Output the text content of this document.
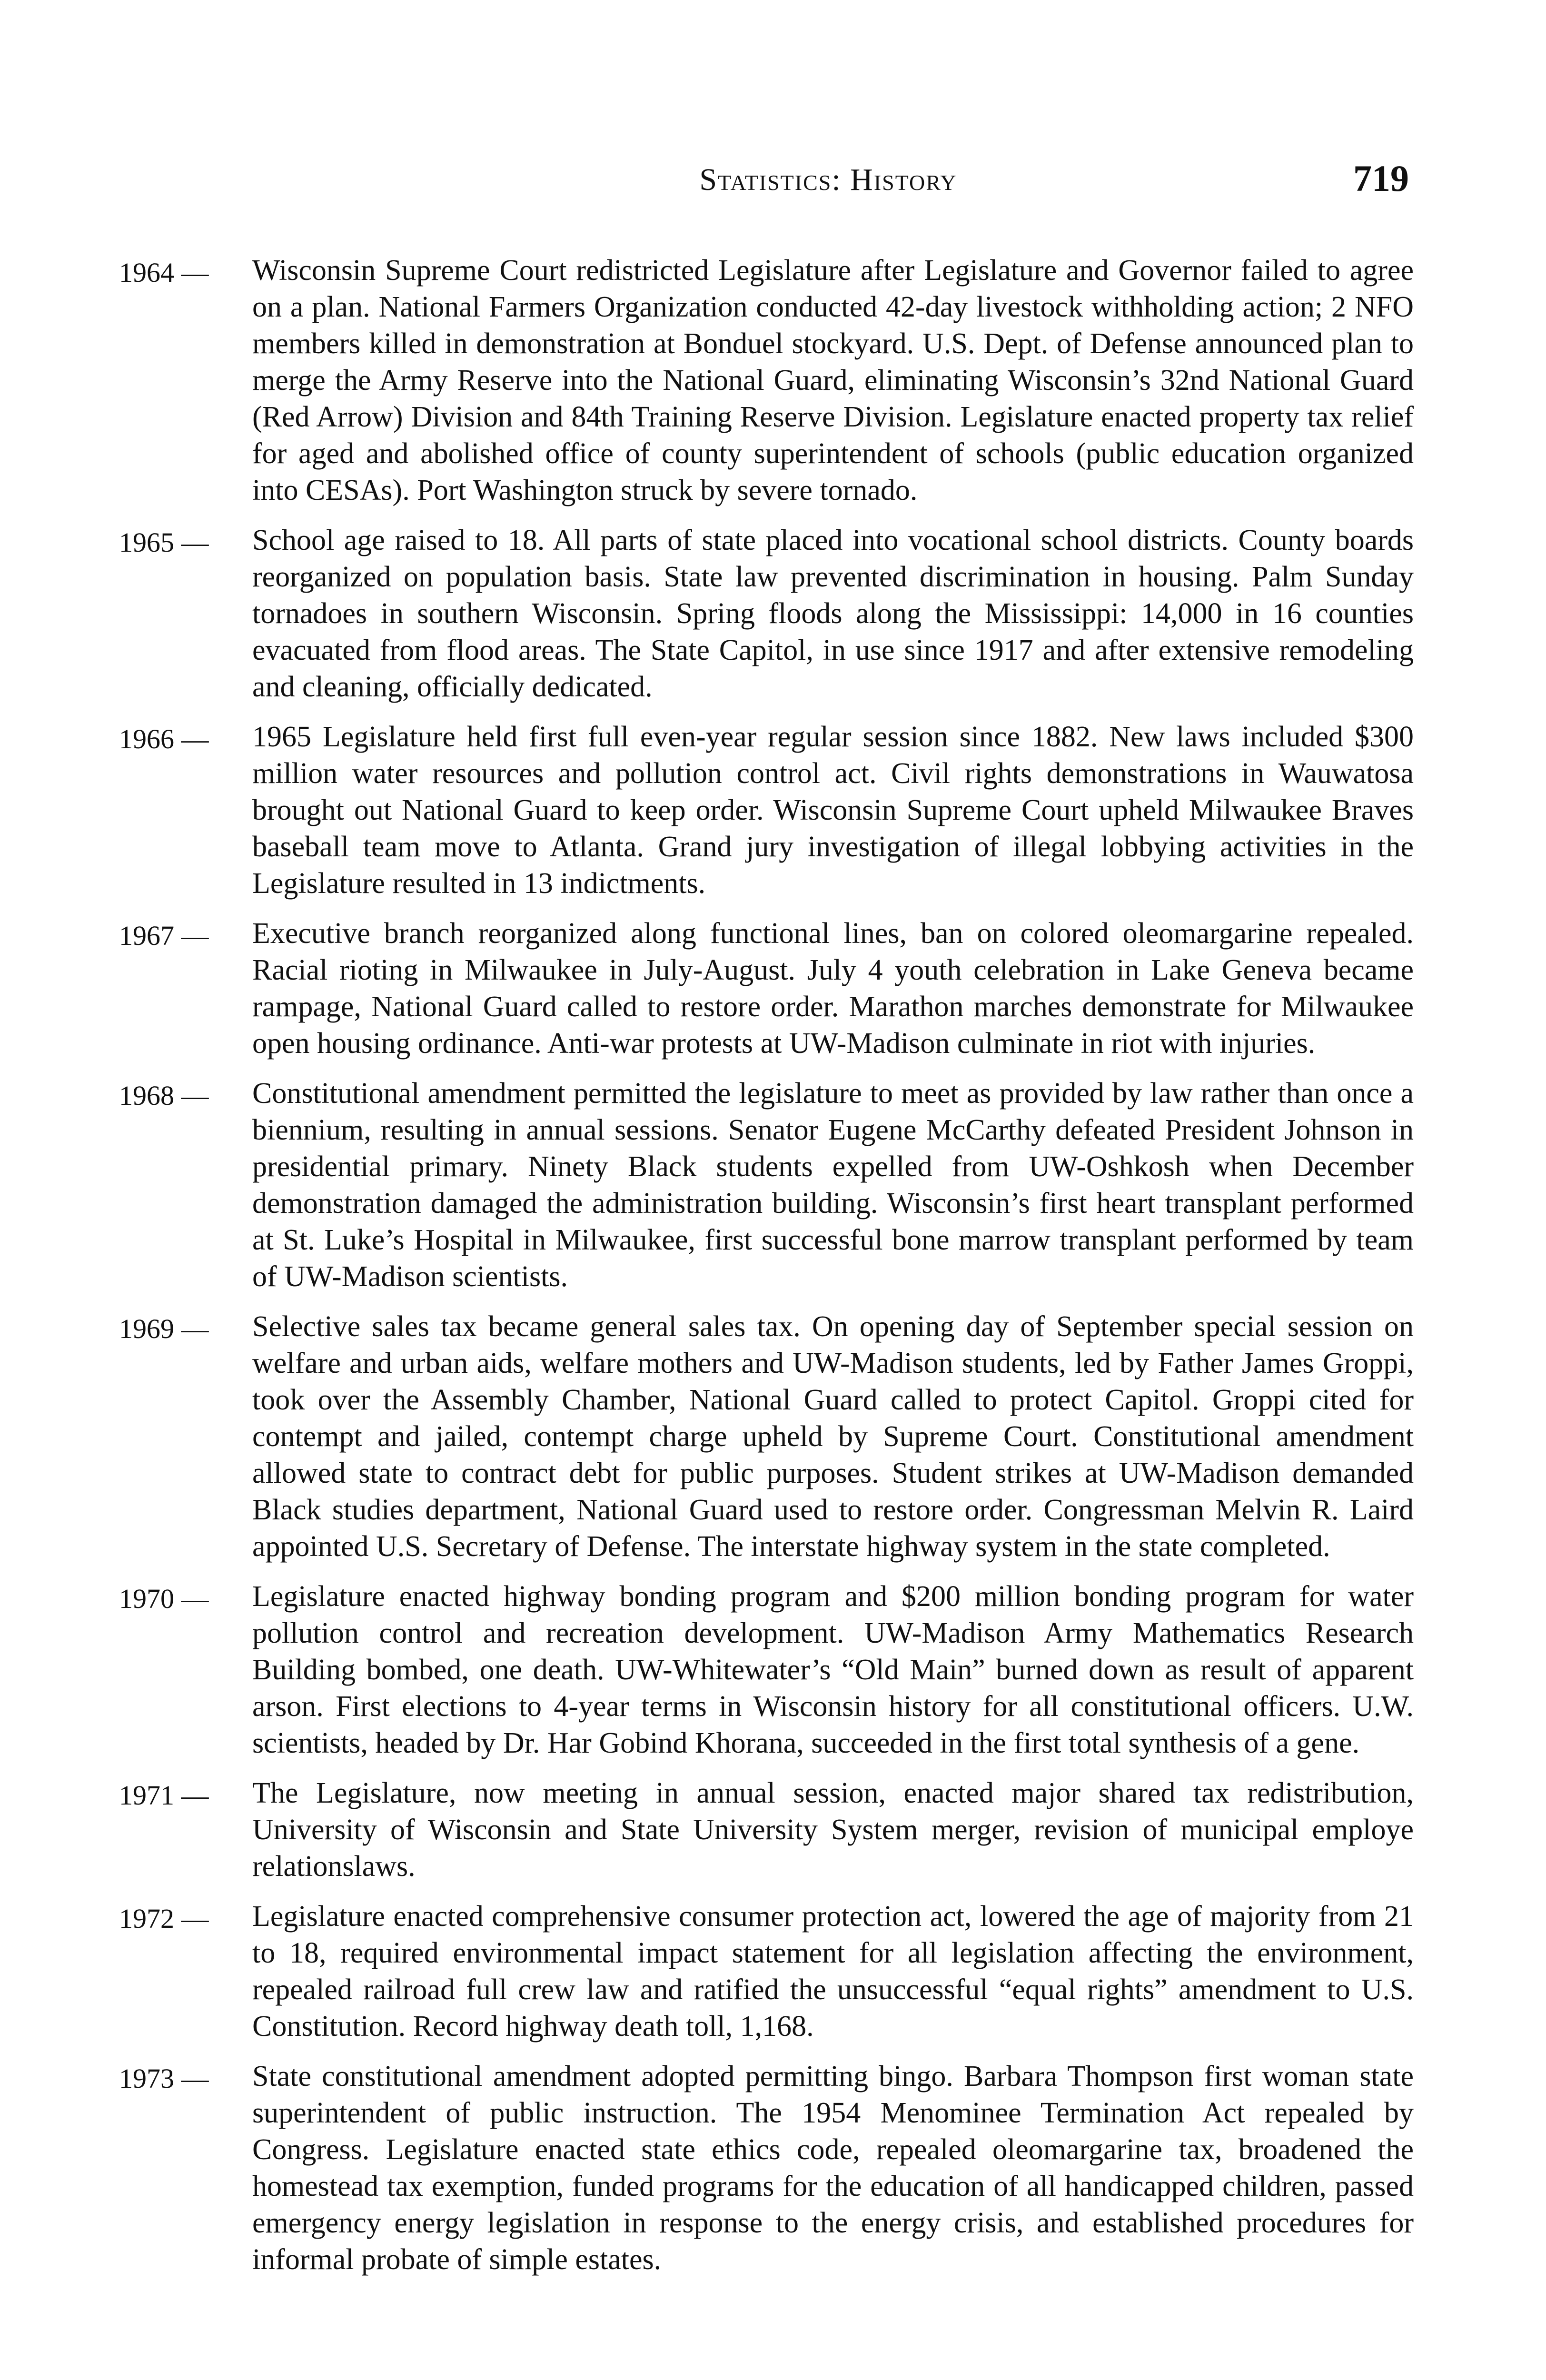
Statistics: History	719
1964 — Wisconsin Supreme Court redistricted Legislature after Legislature and Governor failed to agree on a plan. National Farmers Organization conducted 42-day livestock withholding action; 2 NFO members killed in demonstration at Bonduel stockyard. U.S. Dept. of Defense announced plan to merge the Army Reserve into the National Guard, eliminating Wisconsin’s 32nd National Guard (Red Arrow) Division and 84th Training Reserve Division. Legislature enacted property tax relief for aged and abolished office of county superintendent of schools (public education organized into CESAs). Port Washington struck by severe tornado.
1965 — School age raised to 18. All parts of state placed into vocational school districts. County boards reorganized on population basis. State law prevented discrimination in housing. Palm Sunday tornadoes in southern Wisconsin. Spring floods along the Mississippi: 14,000 in 16 counties evacuated from flood areas. The State Capitol, in use since 1917 and after extensive remodeling and cleaning, officially dedicated.
1966 — 1965 Legislature held first full even-year regular session since 1882. New laws included $300 million water resources and pollution control act. Civil rights demonstrations in Wauwatosa brought out National Guard to keep order. Wisconsin Supreme Court upheld Milwaukee Braves baseball team move to Atlanta. Grand jury investigation of illegal lobbying activities in the Legislature resulted in 13 indictments.
1967 — Executive branch reorganized along functional lines, ban on colored oleomargarine repealed. Racial rioting in Milwaukee in July-August. July 4 youth celebration in Lake Geneva became rampage, National Guard called to restore order. Marathon marches demonstrate for Milwaukee open housing ordinance. Anti-war protests at UW-Madison culminate in riot with injuries.
1968 — Constitutional amendment permitted the legislature to meet as provided by law rather than once a biennium, resulting in annual sessions. Senator Eugene McCarthy defeated President Johnson in presidential primary. Ninety Black students expelled from UW-Oshkosh when December demonstration damaged the administration building. Wisconsin’s first heart transplant performed at St. Luke’s Hospital in Milwaukee, first successful bone marrow transplant performed by team of UW-Madison scientists.
1969 — Selective sales tax became general sales tax. On opening day of September special session on welfare and urban aids, welfare mothers and UW-Madison students, led by Father James Groppi, took over the Assembly Chamber, National Guard called to protect Capitol. Groppi cited for contempt and jailed, contempt charge upheld by Supreme Court. Constitutional amendment allowed state to contract debt for public purposes. Student strikes at UW-Madison demanded Black studies department, National Guard used to restore order. Congressman Melvin R. Laird appointed U.S. Secretary of Defense. The interstate highway system in the state completed.
1970 — Legislature enacted highway bonding program and $200 million bonding program for water pollution control and recreation development. UW-Madison Army Mathematics Research Building bombed, one death. UW-Whitewater’s “Old Main” burned down as result of apparent arson. First elections to 4-year terms in Wisconsin history for all constitutional officers. U.W. scientists, headed by Dr. Har Gobind Khorana, succeeded in the first total synthesis of a gene.
1971 — The Legislature, now meeting in annual session, enacted major shared tax redistribution, University of Wisconsin and State University System merger, revision of municipal employe relationslaws.
1972 — Legislature enacted comprehensive consumer protection act, lowered the age of majority from 21 to 18, required environmental impact statement for all legislation affecting the environment, repealed railroad full crew law and ratified the unsuccessful “equal rights” amendment to U.S. Constitution. Record highway death toll, 1,168.
1973 — State constitutional amendment adopted permitting bingo. Barbara Thompson first woman state superintendent of public instruction. The 1954 Menominee Termination Act repealed by Congress. Legislature enacted state ethics code, repealed oleomargarine tax, broadened the homestead tax exemption, funded programs for the education of all handicapped children, passed emergency energy legislation in response to the energy crisis, and established procedures for informal probate of simple estates.
